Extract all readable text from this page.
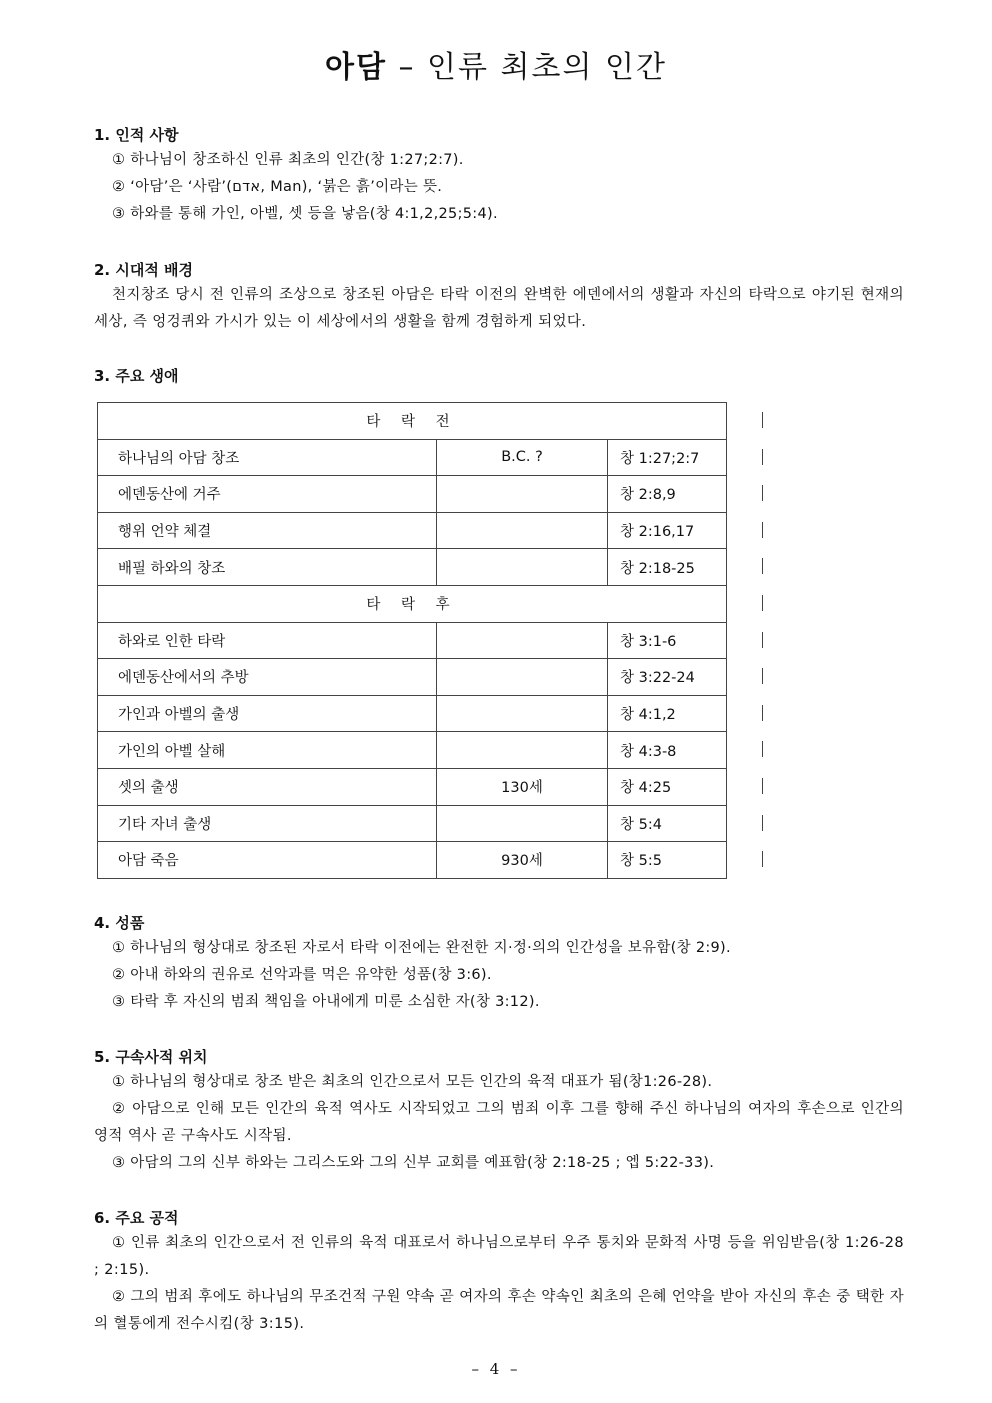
아담 – 인류 최초의 인간
1. 인적 사항
① 하나님이 창조하신 인류 최초의 인간(창 1:27;2:7).
② ‘아담’은 ‘사람’(אדם, Man), ‘붉은 흙’이라는 뜻.
③ 하와를 통해 가인, 아벨, 셋 등을 낳음(창 4:1,2,25;5:4).
2. 시대적 배경
천지창조 당시 전 인류의 조상으로 창조된 아담은 타락 이전의 완벽한 에덴에서의 생활과 자신의 타락으로 야기된 현재의 세상, 즉 엉겅퀴와 가시가 있는 이 세상에서의 생활을 함께 경험하게 되었다.
3. 주요 생애
타 락 전		
하나님의 아담 창조	B.C. ?	창 1:27;2:7
에덴동산에 거주		창 2:8,9
행위 언약 체결		창 2:16,17
배필 하와의 창조		창 2:18-25
타 락 후		
하와로 인한 타락		창 3:1-6
에덴동산에서의 추방		창 3:22-24
가인과 아벨의 출생		창 4:1,2
가인의 아벨 살해		창 4:3-8
셋의 출생	130세	창 4:25
기타 자녀 출생		창 5:4
아담 죽음	930세	창 5:5
4. 성품
① 하나님의 형상대로 창조된 자로서 타락 이전에는 완전한 지·정·의의 인간성을 보유함(창 2:9).
② 아내 하와의 권유로 선악과를 먹은 유약한 성품(창 3:6).
③ 타락 후 자신의 범죄 책임을 아내에게 미룬 소심한 자(창 3:12).
5. 구속사적 위치
① 하나님의 형상대로 창조 받은 최초의 인간으로서 모든 인간의 육적 대표가 됨(창1:26-28).
② 아담으로 인해 모든 인간의 육적 역사도 시작되었고 그의 범죄 이후 그를 향해 주신 하나님의 여자의 후손으로 인간의 영적 역사 곧 구속사도 시작됨.
③ 아담의 그의 신부 하와는 그리스도와 그의 신부 교회를 예표함(창 2:18-25 ; 엡 5:22-33).
6. 주요 공적
① 인류 최초의 인간으로서 전 인류의 육적 대표로서 하나님으로부터 우주 통치와 문화적 사명 등을 위임받음(창 1:26-28 ; 2:15).
② 그의 범죄 후에도 하나님의 무조건적 구원 약속 곧 여자의 후손 약속인 최초의 은혜 언약을 받아 자신의 후손 중 택한 자의 혈통에게 전수시킴(창 3:15).
– 4 –
